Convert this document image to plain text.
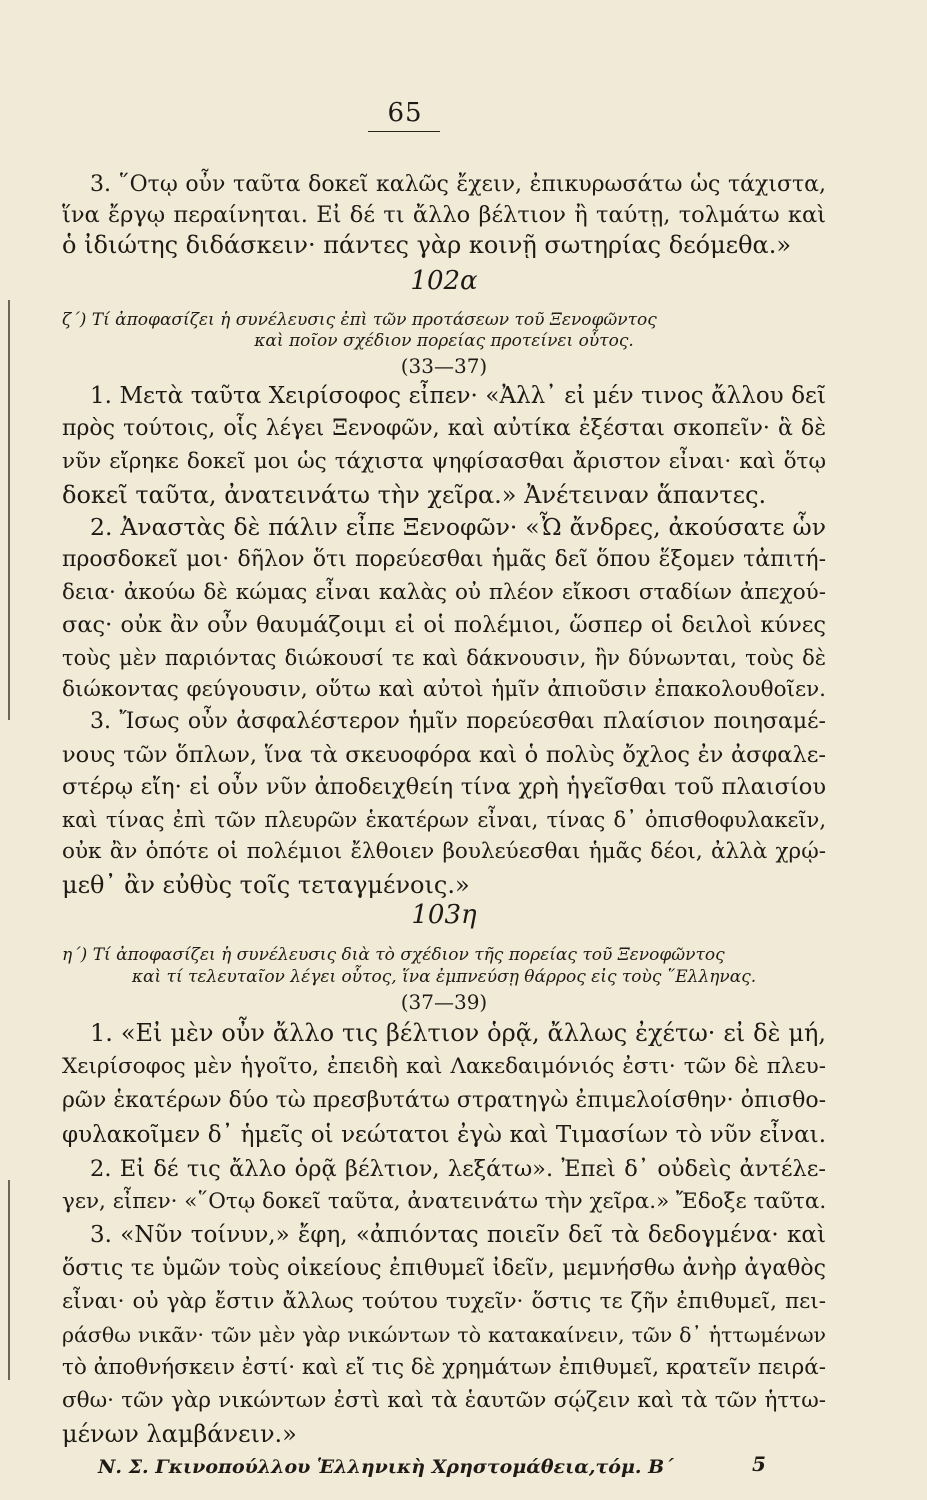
65
3. ῞Οτῳ οὖν ταῦτα δοκεῖ καλῶς ἔχειν, ἐπικυρωσάτω ὡς τάχιστα,
ἵνα ἔργῳ περαίνηται. Εἰ δέ τι ἄλλο βέλτιον ἢ ταύτῃ, τολμάτω καὶ
ὁ ἰδιώτης διδάσκειν· πάντες γὰρ κοινῇ σωτηρίας δεόμεθα.»
102α
ζ΄) Τί ἀποφασίζει ἡ συνέλευσις ἐπὶ τῶν προτάσεων τοῦ Ξενοφῶντος
καὶ ποῖον σχέδιον πορείας προτείνει οὗτος.
(33—37)
1. Μετὰ ταῦτα Χειρίσοφος εἶπεν· «Ἀλλ᾿ εἰ μέν τινος ἄλλου δεῖ
πρὸς τούτοις, οἷς λέγει Ξενοφῶν, καὶ αὐτίκα ἐξέσται σκοπεῖν· ἃ δὲ
νῦν εἴρηκε δοκεῖ μοι ὡς τάχιστα ψηφίσασθαι ἄριστον εἶναι· καὶ ὅτῳ
δοκεῖ ταῦτα, ἀνατεινάτω τὴν χεῖρα.» Ἀνέτειναν ἅπαντες.
2. Ἀναστὰς δὲ πάλιν εἶπε Ξενοφῶν· «Ὦ ἄνδρες, ἀκούσατε ὧν
προσδοκεῖ μοι· δῆλον ὅτι πορεύεσθαι ἡμᾶς δεῖ ὅπου ἕξομεν τἀπιτή-
δεια· ἀκούω δὲ κώμας εἶναι καλὰς οὐ πλέον εἴκοσι σταδίων ἀπεχού-
σας· οὐκ ἂν οὖν θαυμάζοιμι εἰ οἱ πολέμιοι, ὥσπερ οἱ δειλοὶ κύνες
τοὺς μὲν παριόντας διώκουσί τε καὶ δάκνουσιν, ἢν δύνωνται, τοὺς δὲ
διώκοντας φεύγουσιν, οὕτω καὶ αὐτοὶ ἡμῖν ἀπιοῦσιν ἐπακολουθοῖεν.
3. Ἴσως οὖν ἀσφαλέστερον ἡμῖν πορεύεσθαι πλαίσιον ποιησαμέ-
νους τῶν ὅπλων, ἵνα τὰ σκευοφόρα καὶ ὁ πολὺς ὄχλος ἐν ἀσφαλε-
στέρῳ εἴη· εἰ οὖν νῦν ἀποδειχθείη τίνα χρὴ ἡγεῖσθαι τοῦ πλαισίου
καὶ τίνας ἐπὶ τῶν πλευρῶν ἑκατέρων εἶναι, τίνας δ᾿ ὀπισθοφυλακεῖν,
οὐκ ἂν ὁπότε οἱ πολέμιοι ἔλθοιεν βουλεύεσθαι ἡμᾶς δέοι, ἀλλὰ χρῴ-
μεθ᾿ ἂν εὐθὺς τοῖς τεταγμένοις.»
103η
η΄) Τί ἀποφασίζει ἡ συνέλευσις διὰ τὸ σχέδιον τῆς πορείας τοῦ Ξενοφῶντος
καὶ τί τελευταῖον λέγει οὗτος, ἵνα ἐμπνεύσῃ θάρρος εἰς τοὺς ῞Ελληνας.
(37—39)
1. «Εἰ μὲν οὖν ἄλλο τις βέλτιον ὁρᾷ, ἄλλως ἐχέτω· εἰ δὲ μή,
Χειρίσοφος μὲν ἡγοῖτο, ἐπειδὴ καὶ Λακεδαιμόνιός ἐστι· τῶν δὲ πλευ-
ρῶν ἑκατέρων δύο τὼ πρεσβυτάτω στρατηγὼ ἐπιμελοίσθην· ὀπισθο-
φυλακοῖμεν δ᾿ ἡμεῖς οἱ νεώτατοι ἐγὼ καὶ Τιμασίων τὸ νῦν εἶναι.
2. Εἰ δέ τις ἄλλο ὁρᾷ βέλτιον, λεξάτω». Ἐπεὶ δ᾿ οὐδεὶς ἀντέλε-
γεν, εἶπεν· «῞Οτῳ δοκεῖ ταῦτα, ἀνατεινάτω τὴν χεῖρα.» Ἔδοξε ταῦτα.
3. «Νῦν τοίνυν,» ἔφη, «ἀπιόντας ποιεῖν δεῖ τὰ δεδογμένα· καὶ
ὅστις τε ὑμῶν τοὺς οἰκείους ἐπιθυμεῖ ἰδεῖν, μεμνήσθω ἀνὴρ ἀγαθὸς
εἶναι· οὐ γὰρ ἔστιν ἄλλως τούτου τυχεῖν· ὅστις τε ζῆν ἐπιθυμεῖ, πει-
ράσθω νικᾶν· τῶν μὲν γὰρ νικώντων τὸ κατακαίνειν, τῶν δ᾿ ἡττωμένων
τὸ ἀποθνήσκειν ἐστί· καὶ εἴ τις δὲ χρημάτων ἐπιθυμεῖ, κρατεῖν πειρά-
σθω· τῶν γὰρ νικώντων ἐστὶ καὶ τὰ ἑαυτῶν σῴζειν καὶ τὰ τῶν ἡττω-
μένων λαμβάνειν.»
Ν. Σ. Γκινοπούλλου Ἑλληνικὴ Χρηστομάθεια,τόμ. Β΄	5
